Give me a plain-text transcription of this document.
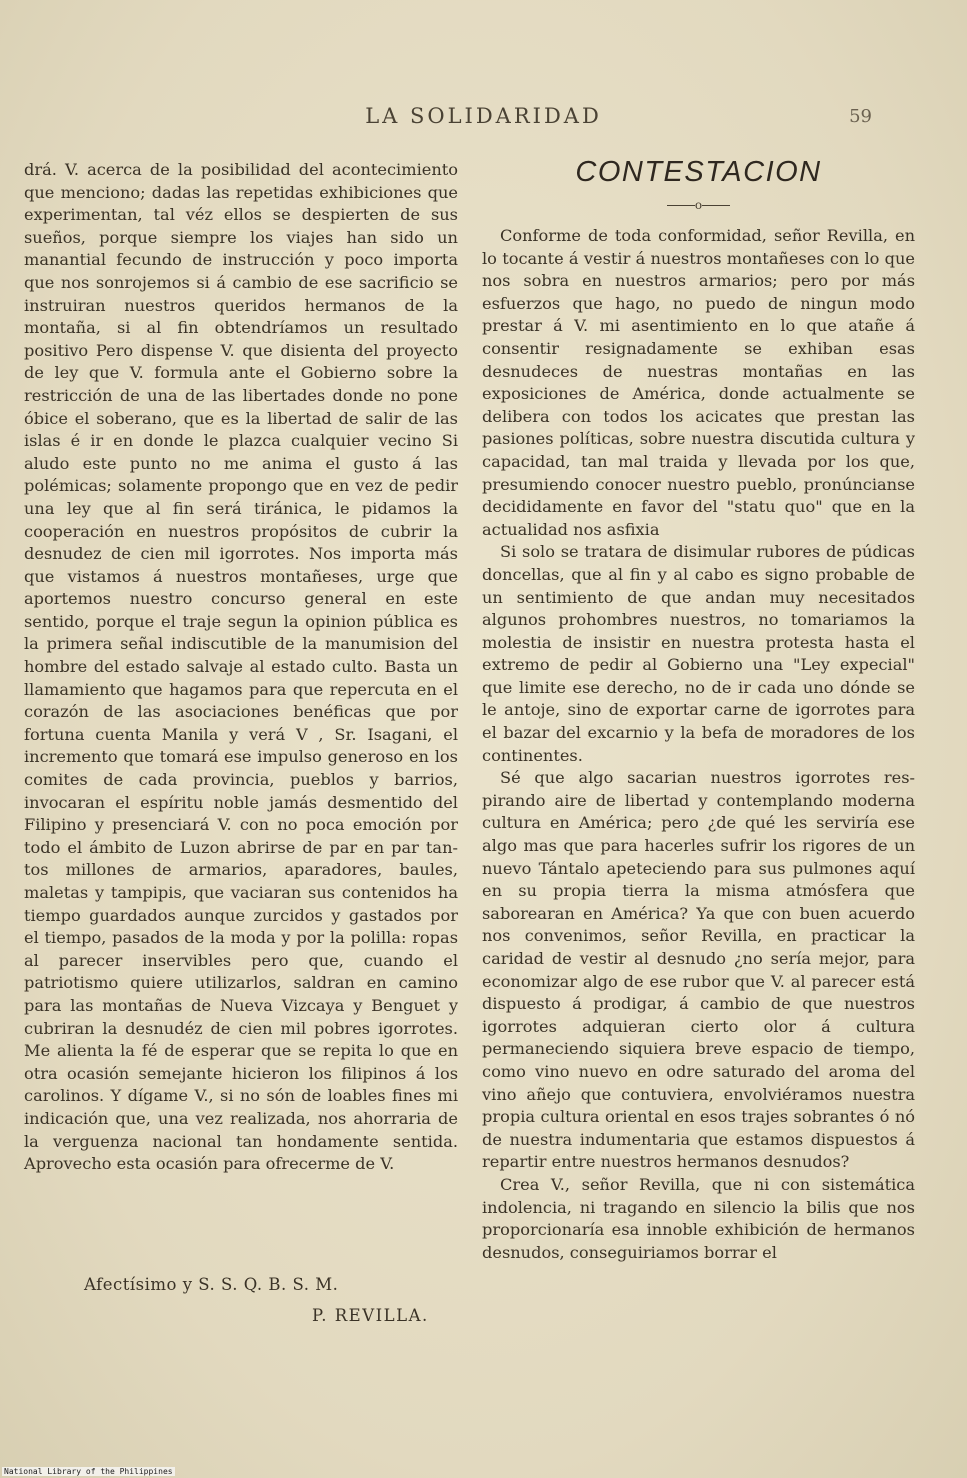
LA SOLIDARIDAD	59

drá. V. acerca de la posibilidad del acontecimiento que menciono; dadas las repetidas exhibiciones que experimentan, tal véz ellos se despierten de sus sueños, porque siempre los viajes han sido un manantial fecundo de instrucción y poco importa que nos sonrojemos si á cambio de ese sacrificio se instruiran nuestros queridos hermanos de la montaña, si al fin obtendríamos un resultado positivo Pero dispense V. que disienta del proyecto de ley que V. formula ante el Gobierno sobre la restricción de una de las libertades donde no pone óbice el soberano, que es la libertad de salir de las islas é ir en donde le plazca cualquier vecino Si aludo este punto no me anima el gusto á las polémicas; solamente propongo que en vez de pedir una ley que al fin será tiránica, le pidamos la cooperación en nuestros propósitos de cubrir la desnudez de cien mil igorrotes. Nos importa más que vistamos á nuestros montañeses, urge que aportemos nuestro concurso general en este sentido, porque el traje segun la opinion pública es la primera señal indiscutible de la manumision del hombre del estado salvaje al estado culto. Basta un llamamiento que hagamos para que repercuta en el corazón de las asociaciones benéficas que por fortuna cuenta Manila y verá V , Sr. Isagani, el incremento que tomará ese impulso generoso en los comites de cada provincia, pueblos y barrios, invocaran el espíritu noble jamás desmentido del Filipino y presenciará V. con no poca emoción por todo el ámbito de Luzon abrirse de par en par tantos millones de armarios, aparadores, baules, maletas y tampipis, que vaciaran sus contenidos ha tiempo guardados aunque zurcidos y gastados por el tiempo, pasados de la moda y por la polilla: ropas al parecer inservibles pero que, cuando el patriotismo quiere utilizarlos, saldran en camino para las montañas de Nueva Vizcaya y Benguet y cubriran la desnudéz de cien mil pobres igorrotes. Me alienta la fé de esperar que se repita lo que en otra ocasión semejante hicieron los filipinos á los carolinos. Y dígame V., si no són de loables fines mi indicación que, una vez realizada, nos ahorraria de la verguenza nacional tan hondamente sentida. Aprovecho esta ocasión para ofrecerme de V.

Afectísimo y S. S. Q. B. S. M.
P. REVILLA.
CONTESTACION
o

Conforme de toda conformidad, señor Revilla, en lo tocante á vestir á nuestros montañeses con lo que nos sobra en nuestros armarios; pero por más esfuerzos que hago, no puedo de ningun modo prestar á V. mi asentimiento en lo que atañe á consentir resignadamente se exhiban esas desnudeces de nuestras montañas en las exposiciones de América, donde actualmente se delibera con todos los acicates que prestan las pasiones políticas, sobre nuestra discutida cultura y capacidad, tan mal traida y llevada por los que, presumiendo conocer nuestro pueblo, pronúncianse decididamente en favor del "statu quo" que en la actualidad nos asfixia

Si solo se tratara de disimular rubores de púdicas doncellas, que al fin y al cabo es signo probable de un sentimiento de que andan muy necesitados algunos prohombres nuestros, no tomariamos la molestia de insistir en nuestra protesta hasta el extremo de pedir al Gobierno una "Ley expecial" que limite ese derecho, no de ir cada uno dónde se le antoje, sino de exportar carne de igorrotes para el bazar del excarnio y la befa de moradores de los continentes.

Sé que algo sacarian nuestros igorrotes respirando aire de libertad y contemplando moderna cultura en América; pero ¿de qué les serviría ese algo mas que para hacerles sufrir los rigores de un nuevo Tántalo apeteciendo para sus pulmones aquí en su propia tierra la misma atmósfera que saborearan en América? Ya que con buen acuerdo nos convenimos, señor Revilla, en practicar la caridad de vestir al desnudo ¿no sería mejor, para economizar algo de ese rubor que V. al parecer está dispuesto á prodigar, á cambio de que nuestros igorrotes adquieran cierto olor á cultura permaneciendo siquiera breve espacio de tiempo, como vino nuevo en odre saturado del aroma del vino añejo que contuviera, envolviéramos nuestra propia cultura oriental en esos trajes sobrantes ó nó de nuestra indumentaria que estamos dispuestos á repartir entre nuestros hermanos desnudos?

Crea V., señor Revilla, que ni con sistemática indolencia, ni tragando en silencio la bilis que nos proporcionaría esa innoble exhibición de hermanos desnudos, conseguiriamos borrar el

National Library of the Philippines
